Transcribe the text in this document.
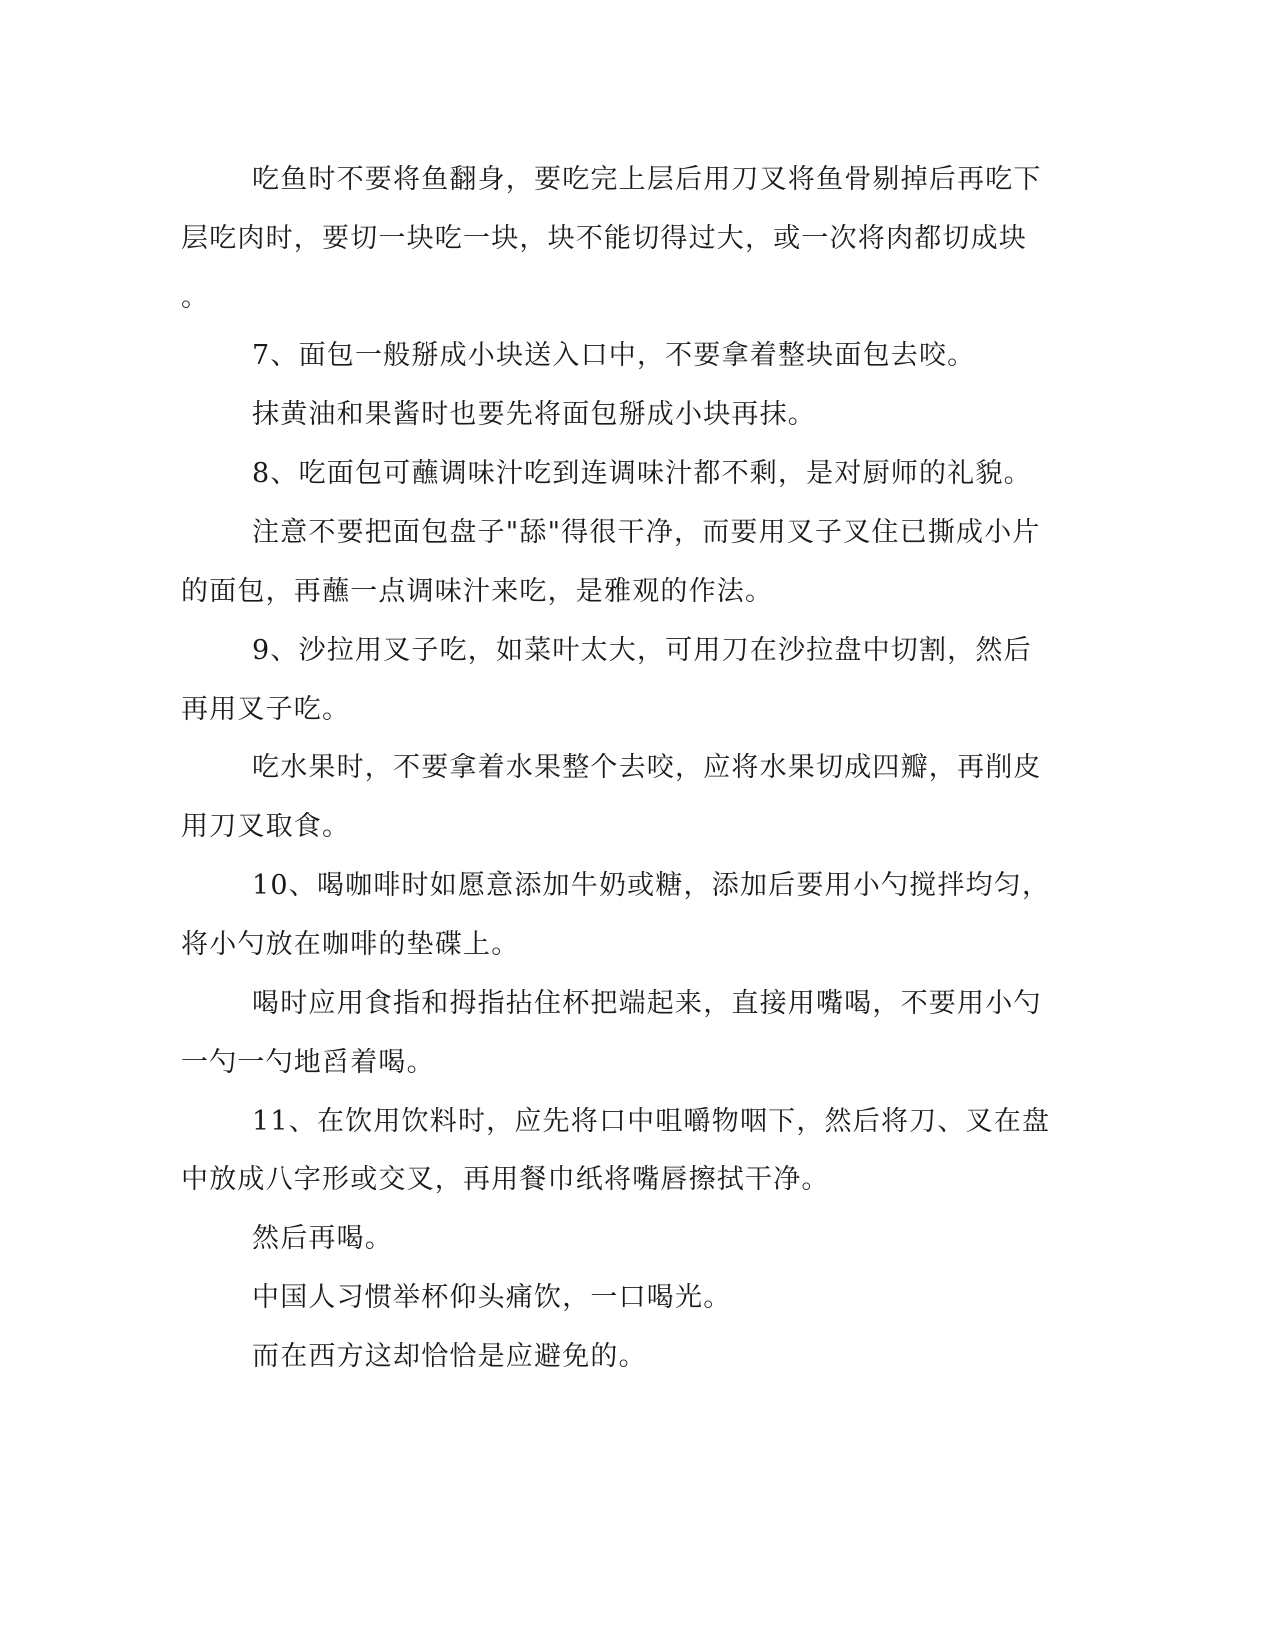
吃鱼时不要将鱼翻身，要吃完上层后用刀叉将鱼骨剔掉后再吃下
层吃肉时，要切一块吃一块，块不能切得过大，或一次将肉都切成块
。
7、面包一般掰成小块送入口中，不要拿着整块面包去咬。
抹黄油和果酱时也要先将面包掰成小块再抹。
8、吃面包可蘸调味汁吃到连调味汁都不剩，是对厨师的礼貌。
注意不要把面包盘子"舔"得很干净，而要用叉子叉住已撕成小片
的面包，再蘸一点调味汁来吃，是雅观的作法。
9、沙拉用叉子吃，如菜叶太大，可用刀在沙拉盘中切割，然后
再用叉子吃。
吃水果时，不要拿着水果整个去咬，应将水果切成四瓣，再削皮
用刀叉取食。
10、喝咖啡时如愿意添加牛奶或糖，添加后要用小勺搅拌均匀，
将小勺放在咖啡的垫碟上。
喝时应用食指和拇指拈住杯把端起来，直接用嘴喝，不要用小勺
一勺一勺地舀着喝。
11、在饮用饮料时，应先将口中咀嚼物咽下，然后将刀、叉在盘
中放成八字形或交叉，再用餐巾纸将嘴唇擦拭干净。
然后再喝。
中国人习惯举杯仰头痛饮，一口喝光。
而在西方这却恰恰是应避免的。
